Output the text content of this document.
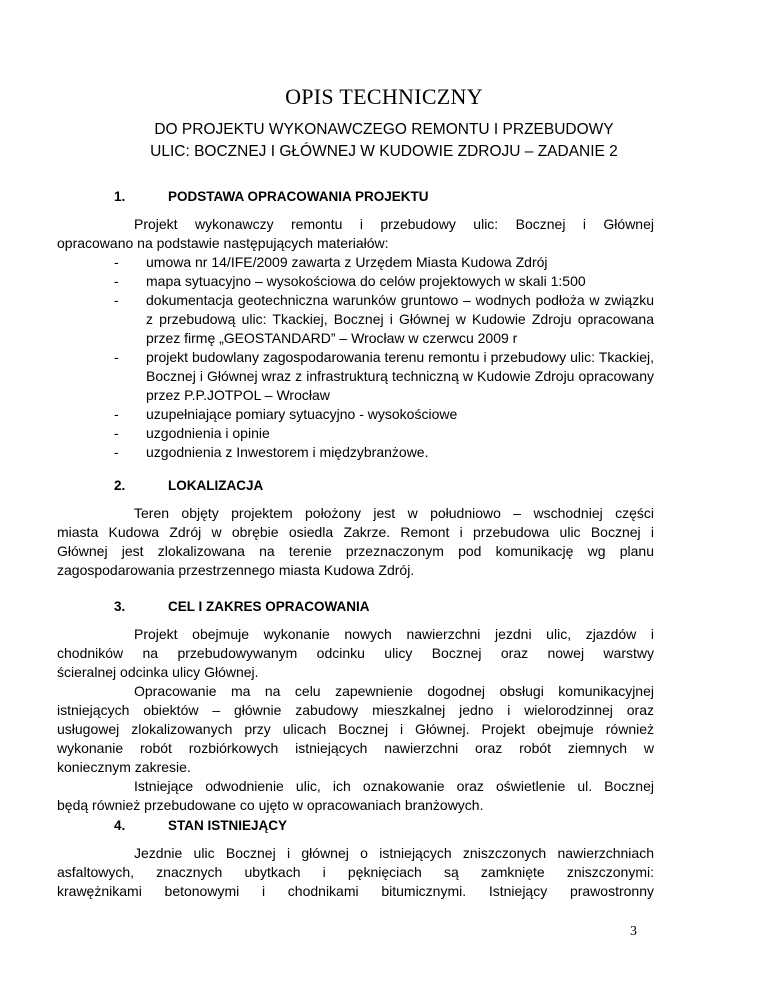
OPIS TECHNICZNY
DO PROJEKTU WYKONAWCZEGO REMONTU I PRZEBUDOWY
ULIC: BOCZNEJ I GŁÓWNEJ W KUDOWIE ZDROJU – ZADANIE 2

1.	PODSTAWA OPRACOWANIA PROJEKTU

Projekt wykonawczy remontu i przebudowy ulic: Bocznej i Głównej
opracowano na podstawie następujących materiałów:
- umowa nr 14/IFE/2009 zawarta z Urzędem Miasta Kudowa Zdrój
- mapa sytuacyjno – wysokościowa do celów projektowych w skali 1:500
- dokumentacja geotechniczna warunków gruntowo – wodnych podłoża w związku z przebudową ulic: Tkackiej, Bocznej i Głównej w Kudowie Zdroju opracowana przez firmę „GEOSTANDARD” – Wrocław w czerwcu 2009 r
- projekt budowlany zagospodarowania terenu remontu i przebudowy ulic: Tkackiej, Bocznej i Głównej wraz z infrastrukturą techniczną w Kudowie Zdroju opracowany przez P.P.JOTPOL – Wrocław
- uzupełniające pomiary sytuacyjno - wysokościowe
- uzgodnienia i opinie
- uzgodnienia z Inwestorem i międzybranżowe.

2.	LOKALIZACJA

Teren objęty projektem położony jest w południowo – wschodniej części
miasta Kudowa Zdrój w obrębie osiedla Zakrze. Remont i przebudowa ulic Bocznej i
Głównej jest zlokalizowana na terenie przeznaczonym pod komunikację wg planu
zagospodarowania przestrzennego miasta Kudowa Zdrój.

3.	CEL I ZAKRES OPRACOWANIA

Projekt obejmuje wykonanie nowych nawierzchni jezdni ulic, zjazdów i
chodników na przebudowywanym odcinku ulicy Bocznej oraz nowej warstwy
ścieralnej odcinka ulicy Głównej.
Opracowanie ma na celu zapewnienie dogodnej obsługi komunikacyjnej
istniejących obiektów – głównie zabudowy mieszkalnej jedno i wielorodzinnej oraz
usługowej zlokalizowanych przy ulicach Bocznej i Głównej. Projekt obejmuje również
wykonanie robót rozbiórkowych istniejących nawierzchni oraz robót ziemnych w
koniecznym zakresie.
Istniejące odwodnienie ulic, ich oznakowanie oraz oświetlenie ul. Bocznej
będą również przebudowane co ujęto w opracowaniach branżowych.

4.	STAN ISTNIEJĄCY

Jezdnie ulic Bocznej i głównej o istniejących zniszczonych nawierzchniach
asfaltowych, znacznych ubytkach i pęknięciach są zamknięte zniszczonymi:
krawężnikami betonowymi i chodnikami bitumicznymi. Istniejący prawostronny
3
